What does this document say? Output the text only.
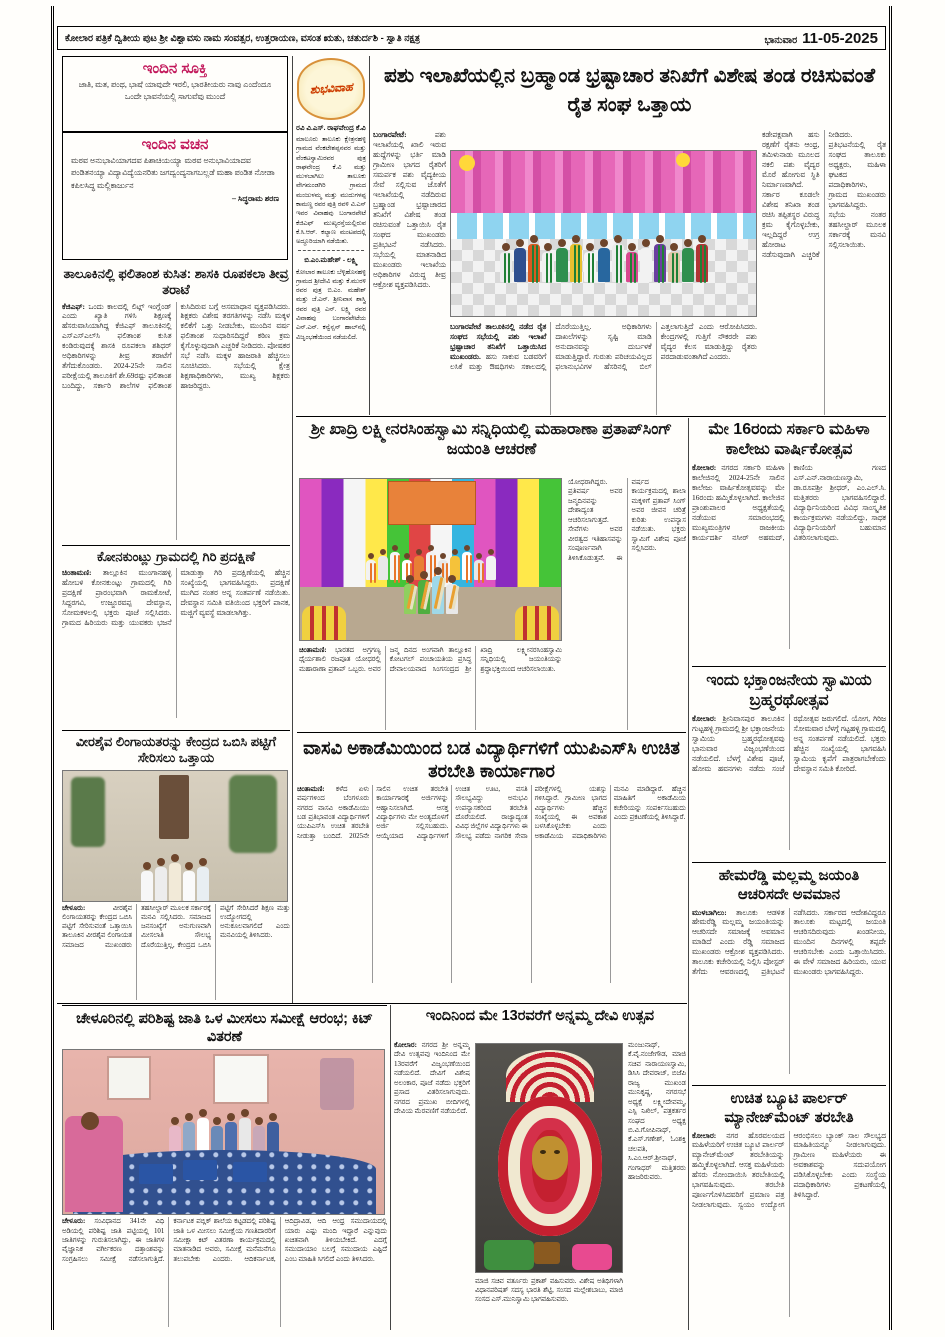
ಕೋಲಾರ ಪತ್ರಿಕೆ ದ್ವಿತೀಯ ಪುಟ ಶ್ರೀ ವಿಶ್ವಾವಸು ನಾಮ ಸಂವತ್ಸರ, ಉತ್ತರಾಯಣ, ವಸಂತ ಋತು, ಚತುರ್ದಶಿ - ಸ್ವಾತಿ ನಕ್ಷತ್ರ	ಭಾನುವಾರ 11-05-2025
ಇಂದಿನ ಸೂಕ್ತಿ
ಜಾತಿ, ಮತ, ಪಂಥ, ಭಾಷೆ ಯಾವುದೇ ಇರಲಿ, ಭಾರತೀಯರು ನಾವು ಎಂದೆಂದೂ ಒಂದೇ ಭಾವನೆಯಲ್ಲಿ ಸಾಗುವೆವು ಮುಂದೆ
ಇಂದಿನ ವಚನ
ಮಠವ ಅನುಭಾವಿಯಾಗದವ ಪಿಶಾಚಿಯಯ್ಯಾ ಮಠವ ಅನುಭಾವಿಯಾದವ ಪಂಡಿತನಯ್ಯಾ ವಿದ್ಯಾವಿದ್ಯೆಯನರಿತು ಜಗದ್ವಂದ್ಯನಾಗಬಲ್ಲಡೆ ಮಹಾ ಪಂಡಿತ ನೋಡಾ ಕಪಿಲಸಿದ್ಧ ಮಲ್ಲಿಕಾರ್ಜುನ
– ಸಿದ್ಧರಾಮ ಶರಣ
ತಾಲೂಕಿನಲ್ಲಿ ಫಲಿತಾಂಶ ಕುಸಿತ: ಶಾಸಕಿ ರೂಪಕಲಾ ತೀವ್ರ ತರಾಟೆ
ಕೆಜಿಎಫ್: ಒಂದು ಕಾಲದಲ್ಲಿ ಲಿಟ್ಲ್ ಇಂಗ್ಲೆಂಡ್ ಎಂದು ಖ್ಯಾತಿ ಗಳಿಸಿ ಶಿಕ್ಷಣಕ್ಕೆ ಹೆಸರುವಾಸಿಯಾಗಿದ್ದ ಕೆಜಿಎಫ್ ತಾಲೂಕಿನಲ್ಲಿ ಎಸ್‌ಎಸ್‌ಎಲ್‌ಸಿ ಫಲಿತಾಂಶ ಕುಸಿತ ಕಂಡಿರುವುದಕ್ಕೆ ಶಾಸಕಿ ರೂಪಕಲಾ ಶಶಿಧರ್ ಅಧಿಕಾರಿಗಳನ್ನು ತೀವ್ರ ತರಾಟೆಗೆ ತೆಗೆದುಕೊಂಡರು. 2024-25ನೇ ಸಾಲಿನ ಪರೀಕ್ಷೆಯಲ್ಲಿ ತಾಲೂಕಿಗೆ ಶೇ.69ರಷ್ಟು ಫಲಿತಾಂಶ ಬಂದಿದ್ದು, ಸರ್ಕಾರಿ ಶಾಲೆಗಳ ಫಲಿತಾಂಶ ಕುಸಿದಿರುವ ಬಗ್ಗೆ ಅಸಮಾಧಾನ ವ್ಯಕ್ತಪಡಿಸಿದರು. ಶಿಕ್ಷಕರು ವಿಶೇಷ ತರಗತಿಗಳನ್ನು ನಡೆಸಿ ಮಕ್ಕಳ ಕಲಿಕೆಗೆ ಒತ್ತು ನೀಡಬೇಕು, ಮುಂದಿನ ವರ್ಷ ಫಲಿತಾಂಶ ಸುಧಾರಿಸದಿದ್ದರೆ ಕಠಿಣ ಕ್ರಮ ಕೈಗೊಳ್ಳುವುದಾಗಿ ಎಚ್ಚರಿಕೆ ನೀಡಿದರು. ಪೋಷಕರ ಸಭೆ ನಡೆಸಿ ಮಕ್ಕಳ ಹಾಜರಾತಿ ಹೆಚ್ಚಿಸಲು ಸೂಚಿಸಿದರು. ಸಭೆಯಲ್ಲಿ ಕ್ಷೇತ್ರ ಶಿಕ್ಷಣಾಧಿಕಾರಿಗಳು, ಮುಖ್ಯ ಶಿಕ್ಷಕರು ಹಾಜರಿದ್ದರು.
ಕೋನಕುಂಟ್ಲು ಗ್ರಾಮದಲ್ಲಿ ಗಿರಿ ಪ್ರದಕ್ಷಿಣೆ
ಚಿಂತಾಮಣಿ: ತಾಲ್ಲೂಕಿನ ಮುಂಗಾನಹಳ್ಳಿ ಹೋಬಳಿ ಕೋನಕುಂಟ್ಲು ಗ್ರಾಮದಲ್ಲಿ ಗಿರಿ ಪ್ರದಕ್ಷಿಣೆ ಪ್ರಾರಂಭವಾಗಿ ರಾಮಕೋಟೆ, ಸಿದ್ದರಗವಿ, ಉಜ್ಜೂರವಪ್ಪ ದೇವಸ್ಥಾನ, ಸೋಮಕಳಲಲ್ಲಿ ಭಕ್ತರು ಪೂಜೆ ಸಲ್ಲಿಸಿದರು. ಗ್ರಾಮದ ಹಿರಿಯರು ಮತ್ತು ಯುವಕರು ಭಜನೆ ಮಾಡುತ್ತಾ ಗಿರಿ ಪ್ರದಕ್ಷಿಣೆಯಲ್ಲಿ ಹೆಚ್ಚಿನ ಸಂಖ್ಯೆಯಲ್ಲಿ ಭಾಗವಹಿಸಿದ್ದರು. ಪ್ರದಕ್ಷಿಣೆ ಮುಗಿದ ನಂತರ ಅನ್ನ ಸಂತರ್ಪಣೆ ನಡೆಯಿತು. ದೇವಸ್ಥಾನ ಸಮಿತಿ ವತಿಯಿಂದ ಭಕ್ತರಿಗೆ ಪಾನಕ, ಮಜ್ಜಿಗೆ ವ್ಯವಸ್ಥೆ ಮಾಡಲಾಗಿತ್ತು.
ವೀರಶೈವ ಲಿಂಗಾಯತರನ್ನು ಕೇಂದ್ರದ ಒಬಿಸಿ ಪಟ್ಟಿಗೆ ಸೇರಿಸಲು ಒತ್ತಾಯ
ಚೇಳೂರು:	ವೀರಶೈವ ಲಿಂಗಾಯತರನ್ನು ಕೇಂದ್ರದ ಒಬಿಸಿ ಪಟ್ಟಿಗೆ ಸೇರಿಸುವಂತೆ ಒತ್ತಾಯಿಸಿ ತಾಲೂಕಿನ ವೀರಶೈವ ಲಿಂಗಾಯತ ಸಮಾಜದ ಮುಖಂಡರು ತಹಸೀಲ್ದಾರ್ ಮೂಲಕ ಸರ್ಕಾರಕ್ಕೆ ಮನವಿ ಸಲ್ಲಿಸಿದರು. ಸಮಾಜದ ಜನಸಂಖ್ಯೆಗೆ ಅನುಗುಣವಾಗಿ ಮೀಸಲಾತಿ ಸೌಲಭ್ಯ ದೊರೆಯುತ್ತಿಲ್ಲ, ಕೇಂದ್ರದ ಒಬಿಸಿ ಪಟ್ಟಿಗೆ ಸೇರಿಸಿದರೆ ಶಿಕ್ಷಣ ಮತ್ತು ಉದ್ಯೋಗದಲ್ಲಿ ಅನುಕೂಲವಾಗಲಿದೆ ಎಂದು ಮನವಿಯಲ್ಲಿ ತಿಳಿಸಿದರು.
ಚೇಳೂರಿನಲ್ಲಿ ಪರಿಶಿಷ್ಟ ಜಾತಿ ಒಳ ಮೀಸಲು ಸಮೀಕ್ಷೆ ಆರಂಭ; ಕಿಟ್ ವಿತರಣೆ
ಚೇಳೂರು: ಸಂವಿಧಾನದ 341ನೇ ವಿಧಿ ಅಡಿಯಲ್ಲಿ ಪರಿಶಿಷ್ಟ ಜಾತಿ ಪಟ್ಟಿಯಲ್ಲಿ 101 ಜಾತಿಗಳನ್ನು ಗುರುತಿಸಲಾಗಿದ್ದು, ಈ ಜಾತಿಗಳ ವೈಜ್ಞಾನಿಕ ವರ್ಗೀಕರಣ ದತ್ತಾಂಶವನ್ನು ಸಂಗ್ರಹಿಸಲು ಸಮೀಕ್ಷೆ ನಡೆಸಲಾಗುತ್ತಿದೆ. ಕರ್ನಾಟಕ ಪಬ್ಲಿಕ್ ಶಾಲೆಯ ಕಟ್ಟಡದಲ್ಲಿ ಪರಿಶಿಷ್ಟ ಜಾತಿ ಒಳ ಮೀಸಲು ಸಮೀಕ್ಷೆಯ ಗಣತಿದಾರರಿಗೆ ಸಮೀಕ್ಷಾ ಕಿಟ್ ವಿತರಣಾ ಕಾರ್ಯಕ್ರಮದಲ್ಲಿ ಮಾತನಾಡಿದ ಅವರು, ಸಮೀಕ್ಷೆ ಮನೆಮನೆಗೂ ತಲುಪಬೇಕು ಎಂದರು. ಆದಿಕರ್ನಾಟಕ, ಆದಿದ್ರಾವಿಡ, ಆದಿ ಆಂಧ್ರ ಸಮುದಾಯದಲ್ಲಿ ಯಾರು ಎಷ್ಟು ಮಂದಿ ಇದ್ದಾರೆ ಎನ್ನುವುದು ಖಚಿತವಾಗಿ ತಿಳಿಯಬೇಕಿದೆ. ಎದಗ್ಗೆ ಸಮುದಾಯಾಂ ಬಲಗ್ಗೆ ಸಮುದಾಯ ಎಷ್ಟಿದೆ ಎಂಬ ಮಾಹಿತಿ ಸಿಗಲಿದೆ ಎಂದು ತಿಳಿಸಿದರು.
ಶುಭವಿವಾಹ
ರವಿ ವಿ.ಎಸ್. ರಾಘವೇಂದ್ರ ಕೆ.ವಿ
ಮಾಲೂರು ತಾಲೂಕು ಕ್ಷೇತ್ರನಹಳ್ಳಿ ಗ್ರಾಮದ ವೆಂಕಟೇಶಪ್ಪನವರ ಮತ್ತು ವೆಂಕಟಸ್ವಾಮಿರವರ ಪುತ್ರ ರಾಘವೇಂದ್ರ ಕೆ.ವಿ ಮತ್ತು ಮುಳಬಾಗಿಲು ತಾಲೂಕು ವೇಗಮಂಡಗಿರಿ ಗ್ರಾಮದ ಮಂಜುಳಮ್ಮ ಮತ್ತು ಮುದುಗಳಪ್ಪ ಕಾಮಣ್ಣ ರವರ ಪುತ್ರಿ ರವಳಿ ವಿ.ಎಸ್ ಇವರ ವಿವಾಹವು ಬಂಗಾರಪೇಟೆ ಕೆಜಿಎಫ್ ಮುಖ್ಯರಸ್ತೆಯಲ್ಲಿರುವ ಕೆ.ಸಿ.ಆರ್. ಕಲ್ಯಾಣ ಮಂಟಪದಲ್ಲಿ ಅದ್ದೂರಿಯಾಗಿ ನಡೆಯಿತು.
ಬಿ.ಎಂ.ಮಹೇಶ್ - ಲಕ್ಷ್ಮಿ
ಕೋಲಾರ ತಾಲೂಕು ಬೆಳ್ಳಿಹೊಸಹಳ್ಳಿ ಗ್ರಾಮದ ಶ್ರೀದೇವಿ ಮತ್ತು ಕೆ.ಮುರಳಿ ರವರ ಪುತ್ರ ಬಿ.ಎಂ. ಮಹೇಶ್ ಮತ್ತು ಜೆ.ಎನ್. ಶ್ರೀನಿವಾಸ ಶಾಸ್ತ್ರಿ ರವರ ಪುತ್ರಿ ಎನ್. ಲಕ್ಷ್ಮಿ ರವರ ವಿವಾಹವು ಬಂಗಾರಪೇಟೆಯ ಎನ್.ಎನ್. ಕನ್ವೆನ್ಷನ್ ಹಾಲ್‌ನಲ್ಲಿ ವಿಜೃಂಭಣೆಯಿಂದ ನಡೆಯಲಿದೆ.
ಪಶು ಇಲಾಖೆಯಲ್ಲಿನ ಬ್ರಹ್ಮಾಂಡ ಭ್ರಷ್ಟಾಚಾರ ತನಿಖೆಗೆ ವಿಶೇಷ ತಂಡ ರಚಿಸುವಂತೆ ರೈತ ಸಂಘ ಒತ್ತಾಯ
ಬಂಗಾರಪೇಟೆ:	ಪಶು ಇಲಾಖೆಯಲ್ಲಿ ಖಾಲಿ ಇರುವ ಹುದ್ದೆಗಳನ್ನು ಭರ್ತಿ ಮಾಡಿ ಗ್ರಾಮೀಣ ಭಾಗದ ರೈತರಿಗೆ ಸಮರ್ಪಕ ಪಶು ವೈದ್ಯಕೀಯ ಸೇವೆ ಸಲ್ಲಿಸುವ ಜೊತೆಗೆ ಇಲಾಖೆಯಲ್ಲಿ ನಡೆದಿರುವ ಬ್ರಹ್ಮಾಂಡ ಭ್ರಷ್ಟಾಚಾರದ ತನಿಖೆಗೆ ವಿಶೇಷ ತಂಡ ರಚಿಸುವಂತೆ ಒತ್ತಾಯಿಸಿ ರೈತ ಸಂಘದ ಮುಖಂಡರು ಪ್ರತಿಭಟನೆ ನಡೆಸಿದರು. ಸಭೆಯಲ್ಲಿ ಮಾತನಾಡಿದ ಮುಖಂಡರು ಇಲಾಖೆಯ ಅಧಿಕಾರಿಗಳ ವಿರುದ್ಧ ತೀವ್ರ ಆಕ್ರೋಶ ವ್ಯಕ್ತಪಡಿಸಿದರು.
ಬಂಗಾರಪೇಟೆ ತಾಲೂಕಿನಲ್ಲಿ ನಡೆದ ರೈತ ಸಂಘದ ಸಭೆಯಲ್ಲಿ ಪಶು ಇಲಾಖೆ ಭ್ರಷ್ಟಾಚಾರ ತನಿಖೆಗೆ ಒತ್ತಾಯಿಸಿದ ಮುಖಂಡರು. ಹಸು ಸಾಕುವ ಬಡವರಿಗೆ ಲಸಿಕೆ ಮತ್ತು ಔಷಧಿಗಳು ಸಕಾಲದಲ್ಲಿ ದೊರೆಯುತ್ತಿಲ್ಲ. ಅಧಿಕಾರಿಗಳು ದಾಖಲೆಗಳನ್ನು ಸೃಷ್ಟಿ ಮಾಡಿ ಅನುದಾನವನ್ನು ದುರ್ಬಳಕೆ ಮಾಡುತ್ತಿದ್ದಾರೆ. ಗುರುತು ಪರಿಚಯವಿಲ್ಲದ ಫಲಾನುಭವಿಗಳ ಹೆಸರಿನಲ್ಲಿ ಬಿಲ್ ಎತ್ತಲಾಗುತ್ತಿದೆ ಎಂದು ಆರೋಪಿಸಿದರು. ಕೇಂದ್ರಗಳಲ್ಲಿ ಗುತ್ತಿಗೆ ನೌಕರರೇ ಪಶು ವೈದ್ಯರ ಕೆಲಸ ಮಾಡುತ್ತಿದ್ದು ರೈತರು ಪರದಾಡುವಂತಾಗಿದೆ ಎಂದರು.
ಕಡೇಪಕ್ಷವಾಗಿ ಹಸು ರಕ್ಷಣೆಗೆ ರೈತನು ಆಂಧ್ರ, ತಮಿಳುನಾಡು ಮೂಲದ ನಕಲಿ ಪಶು ವೈದ್ಯರ ಮೊರೆ ಹೋಗುವ ಸ್ಥಿತಿ ನಿರ್ಮಾಣವಾಗಿದೆ. ಸರ್ಕಾರ ಕೂಡಲೇ ವಿಶೇಷ ತನಿಖಾ ತಂಡ ರಚಿಸಿ ತಪ್ಪಿತಸ್ಥರ ವಿರುದ್ಧ ಕ್ರಮ ಕೈಗೊಳ್ಳಬೇಕು, ಇಲ್ಲದಿದ್ದರೆ ಉಗ್ರ ಹೋರಾಟ ನಡೆಸುವುದಾಗಿ ಎಚ್ಚರಿಕೆ ನೀಡಿದರು. ಪ್ರತಿಭಟನೆಯಲ್ಲಿ ರೈತ ಸಂಘದ ತಾಲೂಕು ಅಧ್ಯಕ್ಷರು, ಮಹಿಳಾ ಘಟಕದ ಪದಾಧಿಕಾರಿಗಳು, ಗ್ರಾಮದ ಮುಖಂಡರು ಭಾಗವಹಿಸಿದ್ದರು. ಸಭೆಯ ನಂತರ ತಹಸೀಲ್ದಾರ್ ಮೂಲಕ ಸರ್ಕಾರಕ್ಕೆ ಮನವಿ ಸಲ್ಲಿಸಲಾಯಿತು.
ಶ್ರೀ ಖಾದ್ರಿ ಲಕ್ಷ್ಮೀನರಸಿಂಹಸ್ವಾಮಿ ಸನ್ನಿಧಿಯಲ್ಲಿ ಮಹಾರಾಣಾ ಪ್ರತಾಪ್‌ಸಿಂಗ್ ಜಯಂತಿ ಆಚರಣೆ
ಯೋಧರಾಗಿದ್ದರು. ಪ್ರತಿವರ್ಷ ಅವರ ಜನ್ಮದಿನವನ್ನು ದೇಶಾದ್ಯಂತ ಆಚರಿಸಲಾಗುತ್ತದೆ. ಸೇವೆಗಳು ಅವರ ವೀರತ್ವದ ಇತಿಹಾಸವನ್ನು ಸಂಪೂರ್ಣವಾಗಿ ತಿಳಿಸಿಕೊಡುತ್ತವೆ. ಈ ವರ್ಷದ ಕಾರ್ಯಕ್ರಮದಲ್ಲಿ ಶಾಲಾ ಮಕ್ಕಳಿಗೆ ಪ್ರತಾಪ್ ಸಿಂಗ್ ಅವರ ಜೀವನ ಚರಿತ್ರೆ ಕುರಿತು ಉಪನ್ಯಾಸ ನಡೆಯಿತು. ಭಕ್ತರು ಸ್ವಾಮಿಗೆ ವಿಶೇಷ ಪೂಜೆ ಸಲ್ಲಿಸಿದರು.
ಚಿಂತಾಮಣಿ: ಭಾರತದ ಅಗ್ರಗಣ್ಯ ಧೈರ್ಯಶಾಲಿ ರಜಪೂತ ಯೋಧರಲ್ಲಿ ಮಹಾರಾಣಾ ಪ್ರತಾಪ್ ಒಬ್ಬರು. ಅವರ ಜನ್ಮ ದಿನದ ಅಂಗವಾಗಿ ತಾಲ್ಲೂಕಿನ ಕೋಟಗಲ್ ಪಂಚಾಯತಿಯ ಪ್ರಸಿದ್ಧ ದೇವಾಲಯವಾದ ಸಿಂಗಸಂದ್ರದ ಶ್ರೀ ಖಾದ್ರಿ ಲಕ್ಷ್ಮೀನರಸಿಂಹಸ್ವಾಮಿ ಸನ್ನಿಧಿಯಲ್ಲಿ ಜಯಂತಿಯನ್ನು ಶ್ರದ್ಧಾಭಕ್ತಿಯಿಂದ ಆಚರಿಸಲಾಯಿತು.
ಮೇ 16ರಂದು ಸರ್ಕಾರಿ ಮಹಿಳಾ ಕಾಲೇಜು ವಾರ್ಷಿಕೋತ್ಸವ
ಕೋಲಾರ: ನಗರದ ಸರ್ಕಾರಿ ಮಹಿಳಾ ಕಾಲೇಜಿನಲ್ಲಿ 2024-25ನೇ ಸಾಲಿನ ಕಾಲೇಜು ವಾರ್ಷಿಕೋತ್ಸವವನ್ನು ಮೇ 16ರಂದು ಹಮ್ಮಿಕೊಳ್ಳಲಾಗಿದೆ. ಕಾಲೇಜಿನ ಪ್ರಾಂಶುಪಾಲರ ಅಧ್ಯಕ್ಷತೆಯಲ್ಲಿ ನಡೆಯುವ ಸಮಾರಂಭದಲ್ಲಿ ಮುಖ್ಯಮಂತ್ರಿಗಳ ರಾಜಕೀಯ ಕಾರ್ಯದರ್ಶಿ ನಸೀರ್ ಅಹಮದ್, ಕಾಣಿಯ ಗಣದ ಎಸ್.ಎನ್.ನಾರಾಯಣಸ್ವಾಮಿ, ಡಾ.ರೂಪಶ್ರೀ ಶ್ರೀಧರ್, ಎಂ.ಎಲ್.ಸಿ. ಮತ್ತಿತರರು ಭಾಗವಹಿಸಲಿದ್ದಾರೆ. ವಿದ್ಯಾರ್ಥಿನಿಯರಿಂದ ವಿವಿಧ ಸಾಂಸ್ಕೃತಿಕ ಕಾರ್ಯಕ್ರಮಗಳು ನಡೆಯಲಿದ್ದು, ಸಾಧಕ ವಿದ್ಯಾರ್ಥಿನಿಯರಿಗೆ ಬಹುಮಾನ ವಿತರಿಸಲಾಗುವುದು.
ಇಂದು ಭಕ್ತಾಂಜನೇಯ ಸ್ವಾಮಿಯ ಬ್ರಹ್ಮರಥೋತ್ಸವ
ಕೋಲಾರ: ಶ್ರೀನಿವಾಸಪುರ ತಾಲೂಕಿನ ಗುಟ್ಟಹಳ್ಳಿ ಗ್ರಾಮದಲ್ಲಿ ಶ್ರೀ ಭಕ್ತಾಂಜನೇಯ ಸ್ವಾಮಿಯ ಬ್ರಹ್ಮರಥೋತ್ಸವವು ಭಾನುವಾರ ವಿಜೃಂಭಣೆಯಿಂದ ನಡೆಯಲಿದೆ. ಬೆಳಗ್ಗೆ ವಿಶೇಷ ಪೂಜೆ, ಹೋಮ ಹವನಗಳು ನಡೆದು ಸಂಜೆ ರಥೋತ್ಸವ ಜರುಗಲಿದೆ. ಯೋಗ, ಗಿರಿಜ ಸೋಮವಾರ ಬೆಳಗ್ಗೆ ಗಟ್ಟಹಳ್ಳಿ ಗ್ರಾಮದಲ್ಲಿ ಅನ್ನ ಸಂತರ್ಪಣೆ ನಡೆಯಲಿದೆ. ಭಕ್ತರು ಹೆಚ್ಚಿನ ಸಂಖ್ಯೆಯಲ್ಲಿ ಭಾಗವಹಿಸಿ ಸ್ವಾಮಿಯ ಕೃಪೆಗೆ ಪಾತ್ರರಾಗಬೇಕೆಂದು ದೇವಸ್ಥಾನ ಸಮಿತಿ ಕೋರಿದೆ.
ಹೇಮರೆಡ್ಡಿ ಮಲ್ಲಮ್ಮ ಜಯಂತಿ ಆಚರಿಸದೇ ಅವಮಾನ
ಮುಳಬಾಗಿಲು: ತಾಲೂಕು ಆಡಳಿತ ಹೇಮರೆಡ್ಡಿ ಮಲ್ಲಮ್ಮ ಜಯಂತಿಯನ್ನು ಆಚರಿಸದೇ ಸಮಾಜಕ್ಕೆ ಅವಮಾನ ಮಾಡಿದೆ ಎಂದು ರೆಡ್ಡಿ ಸಮಾಜದ ಮುಖಂಡರು ಆಕ್ರೋಶ ವ್ಯಕ್ತಪಡಿಸಿದರು. ತಾಲೂಕು ಕಚೇರಿಯಲ್ಲಿ ನಿಲ್ಲಿಸಿ ಪೋಸ್ಟರ್ ತೆಗೆದು ಆವರಣದಲ್ಲಿ ಪ್ರತಿಭಟನೆ ನಡೆಸಿದರು. ಸರ್ಕಾರದ ಆದೇಶವಿದ್ದರೂ ತಾಲೂಕು ಮಟ್ಟದಲ್ಲಿ ಜಯಂತಿ ಆಚರಿಸದಿರುವುದು ಖಂಡನೀಯ, ಮುಂದಿನ ದಿನಗಳಲ್ಲಿ ತಪ್ಪದೇ ಆಚರಿಸಬೇಕು ಎಂದು ಒತ್ತಾಯಿಸಿದರು. ಈ ವೇಳೆ ಸಮಾಜದ ಹಿರಿಯರು, ಯುವ ಮುಖಂಡರು ಭಾಗವಹಿಸಿದ್ದರು.
ಉಚಿತ ಬ್ಯೂಟಿ ಪಾರ್ಲರ್ ಮ್ಯಾನೇಜ್‌ಮೆಂಟ್ ತರಬೇತಿ
ಕೋಲಾರ: ನಗರ ಹೊರವಲಯದ ಮಹಿಳೆಯರಿಗೆ ಉಚಿತ ಬ್ಯೂಟಿ ಪಾರ್ಲರ್ ಮ್ಯಾನೇಜ್‌ಮೆಂಟ್ ತರಬೇತಿಯನ್ನು ಹಮ್ಮಿಕೊಳ್ಳಲಾಗಿದೆ. ಆಸಕ್ತ ಮಹಿಳೆಯರು ಹೆಸರು ನೋಂದಾಯಿಸಿ ತರಬೇತಿಯಲ್ಲಿ ಭಾಗವಹಿಸುವುದು. ತರಬೇತಿ ಪೂರ್ಣಗೊಳಿಸಿದವರಿಗೆ ಪ್ರಮಾಣ ಪತ್ರ ನೀಡಲಾಗುವುದು. ಸ್ವಯಂ ಉದ್ಯೋಗ ಆರಂಭಿಸಲು ಬ್ಯಾಂಕ್ ಸಾಲ ಸೌಲಭ್ಯದ ಮಾಹಿತಿಯನ್ನೂ ನೀಡಲಾಗುವುದು. ಗ್ರಾಮೀಣ ಮಹಿಳೆಯರು ಈ ಅವಕಾಶವನ್ನು ಸದುಪಯೋಗ ಪಡಿಸಿಕೊಳ್ಳಬೇಕು ಎಂದು ಸಂಸ್ಥೆಯ ಪದಾಧಿಕಾರಿಗಳು ಪ್ರಕಟಣೆಯಲ್ಲಿ ತಿಳಿಸಿದ್ದಾರೆ.
ವಾಸವಿ ಅಕಾಡೆಮಿಯಿಂದ ಬಡ ವಿದ್ಯಾರ್ಥಿಗಳಿಗೆ ಯುಪಿಎಸ್‌ಸಿ ಉಚಿತ ತರಬೇತಿ ಕಾರ್ಯಾಗಾರ
ಚಿಂತಾಮಣಿ: ಕಳೆದ ಏಳು ವರ್ಷಗಳಿಂದ ಬೆಂಗಳೂರು ನಗರದ ವಾಸವಿ ಅಕಾಡೆಮಿಯು ಬಡ ಪ್ರತಿಭಾವಂತ ವಿದ್ಯಾರ್ಥಿಗಳಿಗೆ ಯುಪಿಎಸ್‌ಸಿ ಉಚಿತ ತರಬೇತಿ ನೀಡುತ್ತಾ ಬಂದಿದೆ. 2025ನೇ ಸಾಲಿನ ಉಚಿತ ತರಬೇತಿ ಕಾರ್ಯಾಗಾರಕ್ಕೆ ಅರ್ಜಿಗಳನ್ನು ಆಹ್ವಾನಿಸಲಾಗಿದೆ. ಆಸಕ್ತ ವಿದ್ಯಾರ್ಥಿಗಳು ಮೇ ಅಂತ್ಯದೊಳಗೆ ಅರ್ಜಿ ಸಲ್ಲಿಸಬಹುದು. ಆಯ್ಕೆಯಾದ ವಿದ್ಯಾರ್ಥಿಗಳಿಗೆ ಉಚಿತ ಊಟ, ವಸತಿ ಸೌಲಭ್ಯವಿದ್ದು ಅನುಭವಿ ಉಪನ್ಯಾಸಕರಿಂದ ತರಬೇತಿ ದೊರೆಯಲಿದೆ. ರಾಜ್ಯಾದ್ಯಂತ ವಿವಿಧ ಜಿಲ್ಲೆಗಳ ವಿದ್ಯಾರ್ಥಿಗಳು ಈ ಸೌಲಭ್ಯ ಪಡೆದು ನಾಗರಿಕ ಸೇವಾ ಪರೀಕ್ಷೆಗಳಲ್ಲಿ ಯಶಸ್ಸು ಗಳಿಸಿದ್ದಾರೆ. ಗ್ರಾಮೀಣ ಭಾಗದ ವಿದ್ಯಾರ್ಥಿಗಳು ಹೆಚ್ಚಿನ ಸಂಖ್ಯೆಯಲ್ಲಿ ಈ ಅವಕಾಶ ಬಳಸಿಕೊಳ್ಳಬೇಕು ಎಂದು ಅಕಾಡೆಮಿಯ ಪದಾಧಿಕಾರಿಗಳು ಮನವಿ ಮಾಡಿದ್ದಾರೆ. ಹೆಚ್ಚಿನ ಮಾಹಿತಿಗೆ ಅಕಾಡೆಮಿಯ ಕಚೇರಿಯನ್ನು ಸಂಪರ್ಕಿಸಬಹುದು ಎಂದು ಪ್ರಕಟಣೆಯಲ್ಲಿ ತಿಳಿಸಿದ್ದಾರೆ.
ಇಂದಿನಿಂದ ಮೇ 13ರವರೆಗೆ ಅನ್ನಮ್ಮ ದೇವಿ ಉತ್ಸವ
ಕೋಲಾರ: ನಗರದ ಶ್ರೀ ಅನ್ನಮ್ಮ ದೇವಿ ಉತ್ಸವವು ಇಂದಿನಿಂದ ಮೇ 13ರವರೆಗೆ ವಿಜೃಂಭಣೆಯಿಂದ ನಡೆಯಲಿದೆ. ದೇವಿಗೆ ವಿಶೇಷ ಅಲಂಕಾರ, ಪೂಜೆ ನಡೆದು ಭಕ್ತರಿಗೆ ಪ್ರಸಾದ ವಿತರಿಸಲಾಗುವುದು. ನಗರದ ಪ್ರಮುಖ ಬೀದಿಗಳಲ್ಲಿ ದೇವಿಯ ಮೆರವಣಿಗೆ ನಡೆಯಲಿದೆ.
ಮಾಜಿ ಸಚಿವ ವರ್ತೂರು ಪ್ರಕಾಶ್ ವಹಿಸುವರು. ವಿಶೇಷ ಅತಿಥಿಗಳಾಗಿ ವಿಧಾನಪರಿಷತ್ ಸದಸ್ಯ ಭಾರತಿ ಶೆಟ್ಟಿ, ಸಂಸದ ಮಲ್ಲೇಶಬಾಬು, ಮಾಜಿ ಸಂಸದ ಎಸ್.ಮುನಿಸ್ವಾಮಿ ಭಾಗವಹಿಸುವರು.
ಮಂಜುನಾಥ್, ಕೆ.ವೈ.ನಂಜೇಗೌಡ, ಮಾಜಿ ಸಚಿವ ನಾರಾಯಣಸ್ವಾಮಿ, ಡಿಸಿಸಿ ದೇವರಾಜ್, ಬಿಜೆಪಿ ರಾಜ್ಯ ಮುಖಂಡ ಮುನಿಕೃಷ್ಣ, ನಗರಸಭೆ ಅಧ್ಯಕ್ಷೆ ಲಕ್ಷ್ಮೀದೇವಮ್ಮ, ಎಸ್ಪಿ ನಿಖಿಲ್, ಪತ್ರಕರ್ತರ ಸಂಘದ ಅಧ್ಯಕ್ಷ ಬಿ.ವಿ.ಗೋಪಿನಾಥ್, ಕೆ.ಎಸ್.ಗಣೇಶ್, ಓಂಶಕ್ತಿ ಚಲಪತಿ, ಸಿ.ಎಂ.ಆರ್.ಶ್ರೀನಾಥ್, ಗಂಗಾಧರ್ ಮತ್ತಿತರರು ಹಾಜರಿರುವರು.
